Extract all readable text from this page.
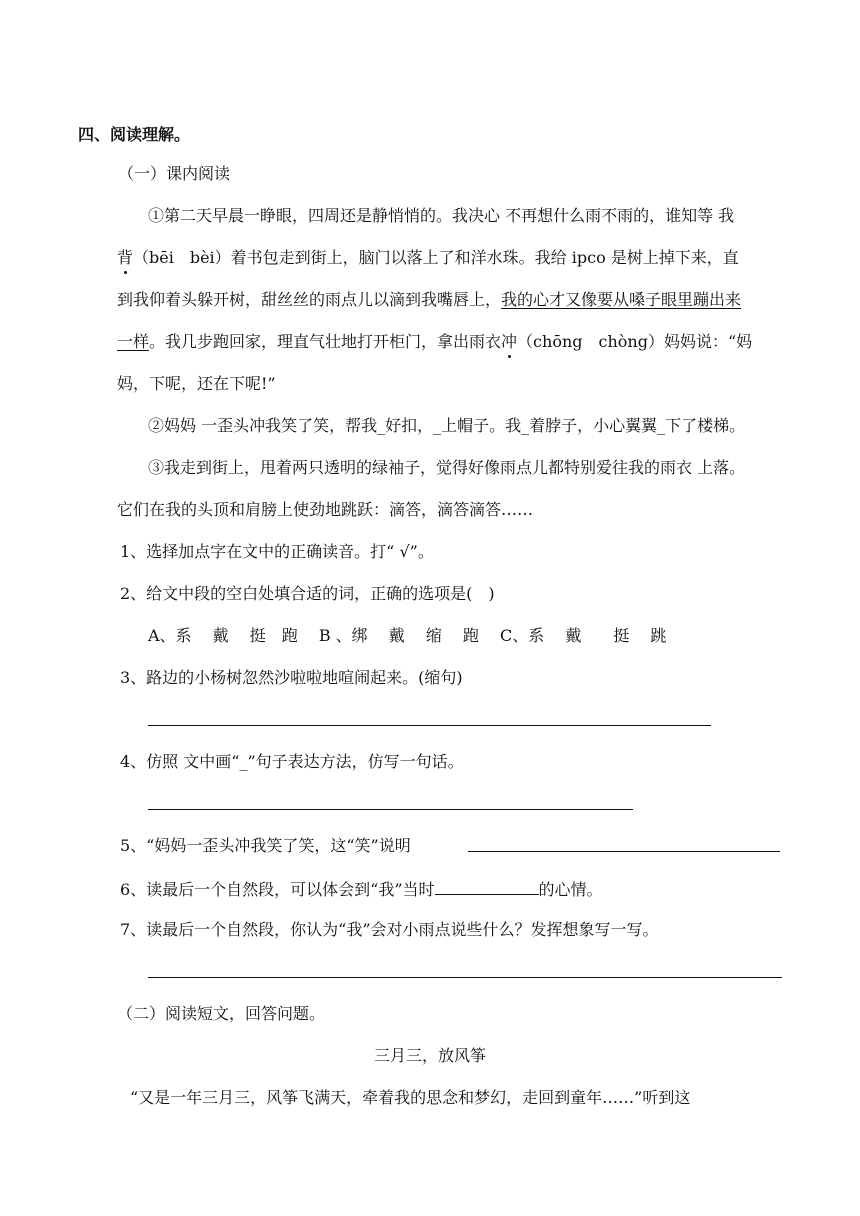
四、阅读理解。
（一）课内阅读
①第二天早晨一睁眼，四周还是静悄悄的。我决心 不再想什么雨不雨的，谁知等 我
背（bēi　bèi）着书包走到街上，脑门以落上了和洋水珠。我给 ipco 是树上掉下来，直
到我仰着头躲开树，甜丝丝的雨点儿以滴到我嘴唇上，我的心才又像要从嗓子眼里蹦出来
一样。我几步跑回家，理直气壮地打开柜门，拿出雨衣冲（chōng　chòng）妈妈说：“妈
妈，下呢，还在下呢!”
②妈妈 一歪头冲我笑了笑，帮我_好扣，_上帽子。我_着脖子，小心翼翼_下了楼梯。
③我走到街上，甩着两只透明的绿袖子，觉得好像雨点儿都特别爱往我的雨衣 上落。
它们在我的头顶和肩膀上使劲地跳跃：滴答，滴答滴答……
1、选择加点字在文中的正确读音。打“ √”。
2、给文中段的空白处填合适的词，正确的选项是(　)
A、系　 戴　 挺　跑　 B 、绑　 戴　 缩　 跑　 C、系　 戴　　挺　 跳
3、路边的小杨树忽然沙啦啦地喧闹起来。(缩句)
4、仿照 文中画“_”句子表达方法，仿写一句话。
5、“妈妈一歪头冲我笑了笑，这“笑”说明
6、读最后一个自然段，可以体会到“我”当时	的心情。
7、读最后一个自然段，你认为“我”会对小雨点说些什么？发挥想象写一写。
（二）阅读短文，回答问题。
三月三，放风筝
“又是一年三月三，风筝飞满天，牵着我的思念和梦幻，走回到童年……”听到这
